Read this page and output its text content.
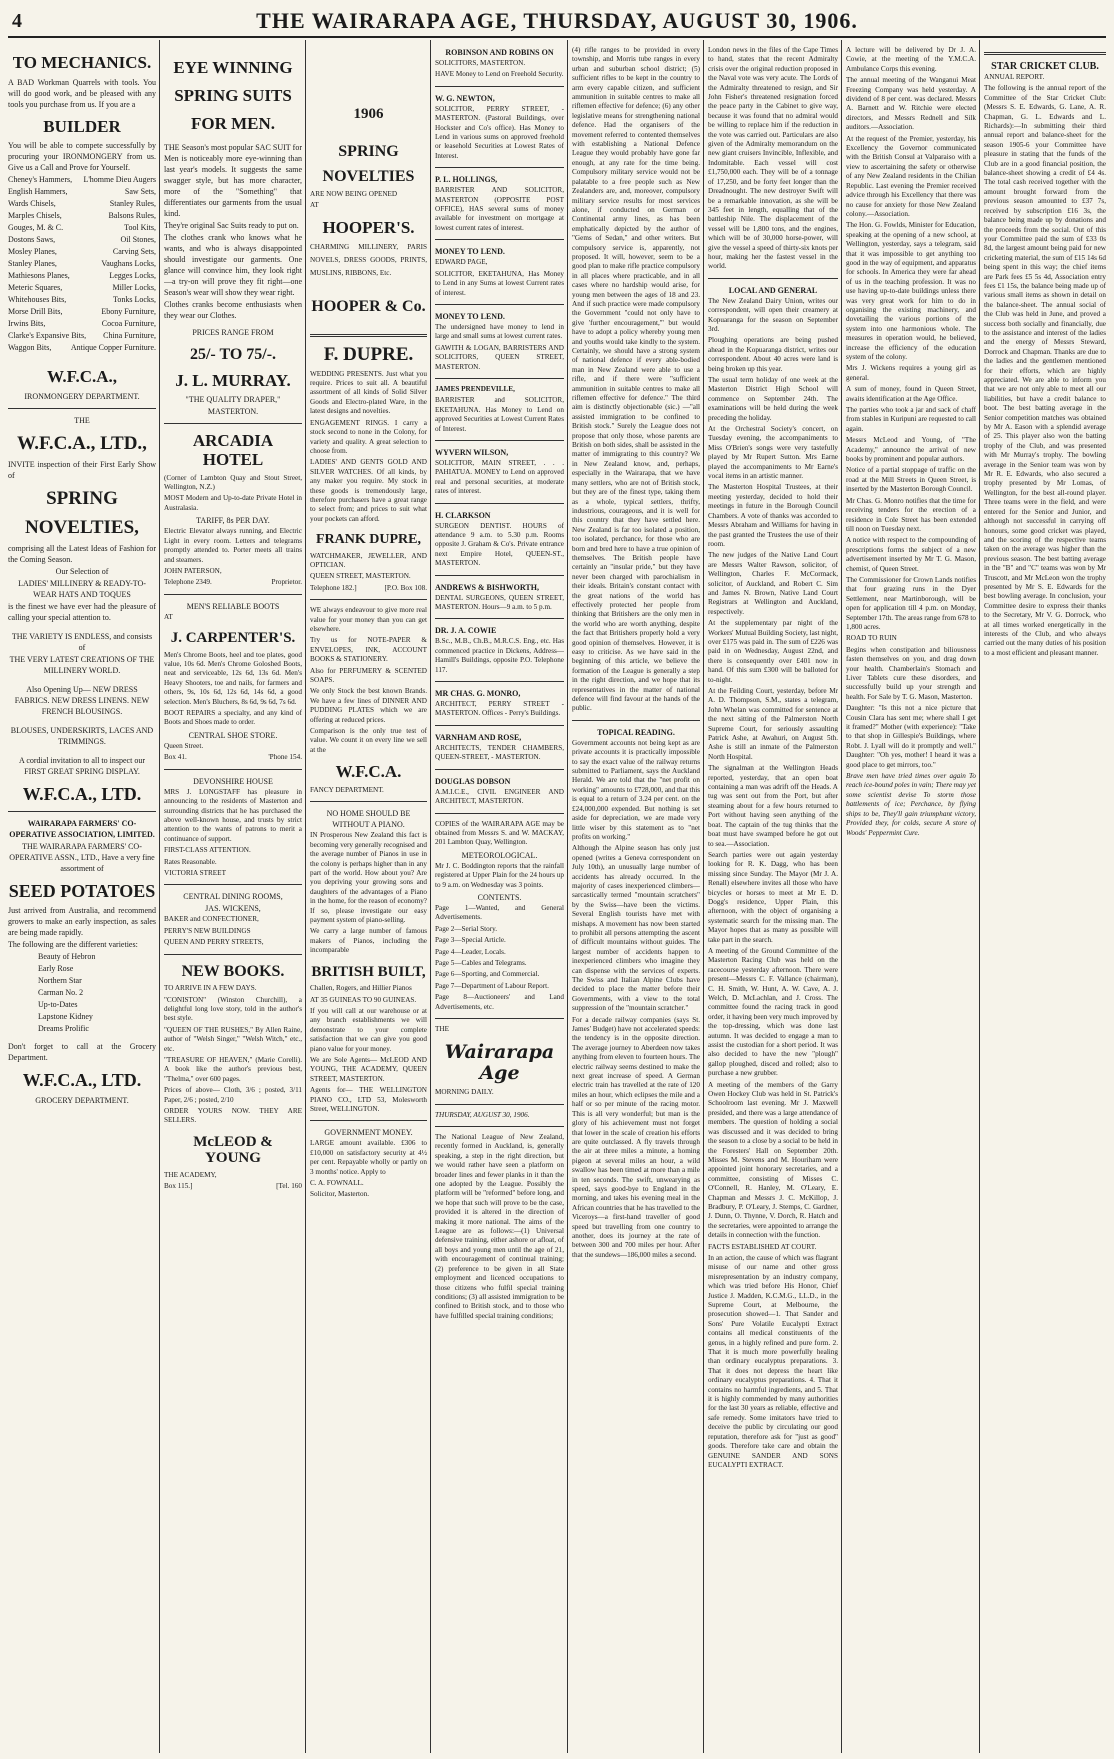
4	THE WAIRARAPA AGE, THURSDAY, AUGUST 30, 1906.
TO MECHANICS.
A BAD Workman Quarrels with tools. You will do good work, and be pleased with any tools you purchase from us. If you are a
BUILDER
You will be able to compete successfully by procuring your IRONMONGERY from us. Give us a Call and Prove for Yourself.
Cheney's Hammers, L'homme Dieu Augers
English Hammers,	Saw Sets,
Wards Chisels,	Stanley Rules,
Marples Chisels,	Balsons Rules,
Gouges, M. & C.	Tool Kits,
Dostons Saws,	Oil Stones,
Mosley Planes,	Carving Sets,
Stanley Planes,	Vaughans Locks,
Mathiesons Planes,	Legges Locks,
Meteric Squares,	Miller Locks,
Whitehouses Bits,	Tonks Locks,
Morse Drill Bits,	Ebony Furniture,
Irwins Bits,	Cocoa Furniture,
Clarke's Expansive Bits, China Furniture,
Waggon Bits, Antique Copper Furniture.
W.F.C.A.,
IRONMONGERY DEPARTMENT.
THE
W.F.C.A., LTD.,
INVITE inspection of their First Early Show of
SPRING
NOVELTIES,
comprising all the Latest Ideas of Fashion for the Coming Season.
Our Selection of
LADIES' MILLINERY & READY-TO-WEAR HATS AND TOQUES
is the finest we have ever had the pleasure of calling your special attention to.
THE VARIETY IS ENDLESS, and consists of
THE VERY LATEST CREATIONS OF THE MILLINERY WORLD.
Also Opening Up— NEW DRESS FABRICS. NEW DRESS LINENS. NEW FRENCH BLOUSINGS.
BLOUSES, UNDERSKIRTS, LACES AND TRIMMINGS.
A cordial invitation to all to inspect our FIRST GREAT SPRING DISPLAY.
W.F.C.A., LTD.
WAIRARAPA FARMERS' CO-OPERATIVE ASSOCIATION, LIMITED.
THE WAIRARAPA FARMERS' CO-OPERATIVE ASSN., LTD., Have a very fine assortment of
SEED POTATOES
Just arrived from Australia, and recommend growers to make an early inspection, as sales are being made rapidly.
The following are the different varieties:
Beauty of Hebron
Early Rose
Northern Star
Carman No. 2
Up-to-Dates
Lapstone Kidney
Dreams Prolific
Don't forget to call at the Grocery Department.
W.F.C.A., LTD.
GROCERY DEPARTMENT.
EYE WINNING SPRING SUITS FOR MEN.
THE Season's most popular SAC SUIT for Men is noticeably more eye-winning than last year's models. It suggests the same swagger style, but has more character, more of the "Something" that differentiates our garments from the usual kind.
They're original Sac Suits ready to put on.
The clothes crank who knows what he wants, and who is always disappointed should investigate our garments. One glance will convince him, they look right—a try-on will prove they fit right—one Season's wear will show they wear right.
Clothes cranks become enthusiasts when they wear our Clothes.
PRICES RANGE FROM
25/- TO 75/-.
J. L. MURRAY.
"THE QUALITY DRAPER,"
MASTERTON.
ARCADIA HOTEL
(Corner of Lambton Quay and Stout Street, Wellington, N.Z.)
MOST Modern and Up-to-date Private Hotel in Australasia.
TARIFF, 8s PER DAY.
Electric Elevator always running, and Electric Light in every room. Letters and telegrams promptly attended to. Porter meets all trains and steamers.
JOHN PATERSON,
Telephone 2349.	Proprietor.
MEN'S RELIABLE BOOTS
AT
J. CARPENTER'S.
Men's Chrome Boots, heel and toe plates, good value, 10s 6d. Men's Chrome Goloshed Boots, neat and serviceable, 12s 6d, 13s 6d. Men's Heavy Shooters, toe and nails, for farmers and others, 9s, 10s 6d, 12s 6d, 14s 6d, a good selection. Men's Bluchers, 8s 6d, 9s 6d, 7s 6d.
BOOT REPAIRS a specialty, and any kind of Boots and Shoes made to order.
CENTRAL SHOE STORE.
Queen Street.
Box 41.	'Phone 154.
DEVONSHIRE HOUSE
MRS J. LONGSTAFF has pleasure in announcing to the residents of Masterton and surrounding districts that he has purchased the above well-known house, and trusts by strict attention to the wants of patrons to merit a continuance of support.
FIRST-CLASS ATTENTION.
Rates Reasonable.
VICTORIA STREET
CENTRAL DINING ROOMS,
JAS. WICKENS,
BAKER and CONFECTIONER,
PERRY'S NEW BUILDINGS
QUEEN AND PERRY STREETS,
NEW BOOKS.
TO ARRIVE IN A FEW DAYS.
"CONISTON" (Winston Churchill), a delightful long love story, told in the author's best style.
"QUEEN OF THE RUSHES," By Allen Raine, author of "Welsh Singer," "Welsh Witch," etc., etc.
"TREASURE OF HEAVEN," (Marie Corelli). A book like the author's previous best, "Thelma," over 600 pages.
Prices of above— Cloth, 3/6 ; posted, 3/11 Paper, 2/6 ; posted, 2/10
ORDER YOURS NOW. THEY ARE SELLERS.
McLEOD & YOUNG
THE ACADEMY,
Box 115.]	[Tel. 160
1906
SPRING
NOVELTIES
ARE NOW BEING OPENED
AT
HOOPER'S.
CHARMING MILLINERY, PARIS NOVELS, DRESS GOODS, PRINTS, MUSLINS, RIBBONS, Etc.
HOOPER & Co.
F. DUPRE.
WEDDING PRESENTS. Just what you require. Prices to suit all. A beautiful assortment of all kinds of Solid Silver Goods and Electro-plated Ware, in the latest designs and novelties.
ENGAGEMENT RINGS. I carry a stock second to none in the Colony, for variety and quality. A great selection to choose from.
LADIES' AND GENTS GOLD AND SILVER WATCHES. Of all kinds, by any maker you require. My stock in these goods is tremendously large, therefore purchasers have a great range to select from; and prices to suit what your pockets can afford.
FRANK DUPRE,
WATCHMAKER, JEWELLER, AND OPTICIAN.
QUEEN STREET, MASTERTON.
Telephone 182.]	[P.O. Box 108.
WE always endeavour to give more real value for your money than you can get elsewhere.
Try us for NOTE-PAPER & ENVELOPES, INK, ACCOUNT BOOKS & STATIONERY.
Also for PERFUMERY & SCENTED SOAPS.
We only Stock the best known Brands. We have a few lines of DINNER AND PUDDING PLATES which we are offering at reduced prices.
Comparison is the only true test of value. We count it on every line we sell at the
W.F.C.A.
FANCY DEPARTMENT.
NO HOME SHOULD BE WITHOUT A PIANO.
IN Prosperous New Zealand this fact is becoming very generally recognised and the average number of Pianos in use in the colony is perhaps higher than in any part of the world. How about you? Are you depriving your growing sons and daughters of the advantages of a Piano in the home, for the reason of economy? If so, please investigate our easy payment system of piano-selling.
We carry a large number of famous makers of Pianos, including the incomparable
BRITISH BUILT,
Challen, Rogers, and Hillier Pianos
AT 35 GUINEAS TO 90 GUINEAS.
If you will call at our warehouse or at any branch establishments we will demonstrate to your complete satisfaction that we can give you good piano value for your money.
We are Sole Agents— McLEOD AND YOUNG, THE ACADEMY, QUEEN STREET, MASTERTON.
Agents for— THE WELLINGTON PIANO CO., LTD 53, Molesworth Street, WELLINGTON.
GOVERNMENT MONEY.
LARGE amount available. £306 to £10,000 on satisfactory security at 4½ per cent. Repayable wholly or partly on 3 months' notice. Apply to
C. A. FOWNALL.
Solicitor, Masterton.
ROBINSON AND ROBINS ON
SOLICITORS, MASTERTON.
HAVE Money to Lend on Freehold Security.
W. G. NEWTON,
SOLICITOR, PERRY STREET, - MASTERTON. (Pastoral Buildings, over Hockster and Co's office). Has Money to Lend in various sums on approved freehold or leasehold Securities at Lowest Rates of Interest.
P. L. HOLLINGS,
BARRISTER AND SOLICITOR, MASTERTON (OPPOSITE POST OFFICE), HAS several sums of money available for investment on mortgage at lowest current rates of interest.
MONEY TO LEND.
EDWARD PAGE,
SOLICITOR, EKETAHUNA, Has Money to Lend in any Sums at lowest Current rates of interest.
MONEY TO LEND.
The undersigned have money to lend in large and small sums at lowest current rates.
GAWITH & LOGAN, BARRISTERS AND SOLICITORS, QUEEN STREET, MASTERTON.
JAMES PRENDEVILLE,
BARRISTER and SOLICITOR, EKETAHUNA. Has Money to Lend on approved Securities at Lowest Current Rates of Interest.
WYVERN WILSON,
SOLICITOR, MAIN STREET, . . . PAHIATUA. MONEY to Lend on approved real and personal securities, at moderate rates of interest.
H. CLARKSON
SURGEON DENTIST. HOURS of attendance 9 a.m. to 5.30 p.m. Rooms opposite J. Graham & Co's. Private entrance next Empire Hotel, QUEEN-ST., MASTERTON.
ANDREWS & BISHWORTH,
DENTAL SURGEONS, QUEEN STREET, MASTERTON. Hours—9 a.m. to 5 p.m.
DR. J. A. COWIE
B.Sc., M.B., Ch.B., M.R.C.S. Eng., etc. Has commenced practice in Dickens, Address—Hamill's Buildings, opposite P.O. Telephone 117.
MR CHAS. G. MONRO,
ARCHITECT, PERRY STREET - MASTERTON. Offices - Perry's Buildings.
VARNHAM AND ROSE,
ARCHITECTS, TENDER CHAMBERS, QUEEN-STREET, - MASTERTON.
DOUGLAS DOBSON
A.M.I.C.E., CIVIL ENGINEER AND ARCHITECT, MASTERTON.
COPIES of the WAIRARAPA AGE may be obtained from Messrs S. and W. MACKAY, 201 Lambton Quay, Wellington.
METEOROLOGICAL.
Mr J. C. Boddington reports that the rainfall registered at Upper Plain for the 24 hours up to 9 a.m. on Wednesday was 3 points.
CONTENTS.
Page 1—Wanted, and General Advertisements.
Page 2—Serial Story.
Page 3—Special Article.
Page 4—Leader, Locals.
Page 5—Cables and Telegrams.
Page 6—Sporting, and Commercial.
Page 7—Department of Labour Report.
Page 8—Auctioneers' and Land Advertisements, etc.
THE
Wairarapa Age
MORNING DAILY.
THURSDAY, AUGUST 30, 1906.
The National League of New Zealand, recently formed in Auckland, is, generally speaking, a step in the right direction, but we would rather have seen a platform on broader lines and fewer planks in it than the one adopted by the League. Possibly the platform will be "reformed" before long, and we hope that such will prove to be the case, provided it is altered in the direction of making it more national. The aims of the League are as follows:—(1) Universal defensive training, either ashore or afloat, of all boys and young men until the age of 21, with encouragement of continual training; (2) preference to be given in all State employment and licenced occupations to those citizens who fulfil special training conditions; (3) all assisted immigration to be confined to British stock, and to those who have fulfilled special training conditions;
(4) rifle ranges to be provided in every township, and Morris tube ranges in every urban and suburban school district; (5) sufficient rifles to be kept in the country to arm every capable citizen, and sufficient ammunition in suitable centres to make all riflemen effective for defence; (6) any other legislative means for strengthening national defence. Had the organisers of the movement referred to contented themselves with establishing a National Defence League they would probably have gone far enough, at any rate for the time being. Compulsory military service would not be palatable to a free people such as New Zealanders are, and, moreover, compulsory military service results for most services alone, if conducted on German or Continental army lines, as has been emphatically depicted by the author of "Gems of Sedan," and other writers. But compulsory service is, apparently, not proposed. It will, however, seem to be a good plan to make rifle practice compulsory in all places where practicable, and in all cases where no hardship would arise, for young men between the ages of 18 and 23. And if such practice were made compulsory the Government "could not only have to give 'further encouragement,'" but would have to adopt a policy whereby young men and youths would take kindly to the system. Certainly, we should have a strong system of national defence if every able-bodied man in New Zealand were able to use a rifle, and if there were "sufficient ammunition in suitable centres to make all riflemen effective for defence." The third aim is distinctly objectionable (sic.) —"all assisted immigration to be confined to British stock." Surely the League does not propose that only those, whose parents are British on both sides, shall be assisted in the matter of immigrating to this country? We in New Zealand know, and, perhaps, especially in the Wairarapa, that we have many settlers, who are not of British stock, but they are of the finest type, taking them as a whole, typical settlers, thrifty, industrious, courageous, and it is well for this country that they have settled here. New Zealand is far too isolated a position, too isolated, perchance, for those who are born and bred here to have a true opinion of themselves. The British people have certainly an "insular pride," but they have never been charged with parochialism in their ideals. Britain's constant contact with the great nations of the world has effectively protected her people from thinking that Britishers are the only men in the world who are worth anything, despite the fact that Britishers properly hold a very good opinion of themselves. However, it is easy to criticise. As we have said in the beginning of this article, we believe the formation of the League is generally a step in the right direction, and we hope that its representatives in the matter of national defence will find favour at the hands of the public.
TOPICAL READING.
Government accounts not being kept as are private accounts it is practically impossible to say the exact value of the railway returns submitted to Parliament, says the Auckland Herald. We are told that the "net profit on working" amounts to £728,000, and that this is equal to a return of 3.24 per cent. on the £24,000,000 expended. But nothing is set aside for depreciation, we are made very little wiser by this statement as to "net profits on working."
Although the Alpine season has only just opened (writes a Geneva correspondent on July 10th), an unusually large number of accidents has already occurred. In the majority of cases inexperienced climbers—sarcastically termed "mountain scratchers" by the Swiss—have been the victims. Several English tourists have met with mishaps. A movement has now been started to prohibit all persons attempting the ascent of difficult mountains without guides. The largest number of accidents happen to inexperienced climbers who imagine they can dispense with the services of experts. The Swiss and Italian Alpine Clubs have decided to place the matter before their Governments, with a view to the total suppression of the "mountain scratcher."
For a decade railway companies (says St. James' Budget) have not accelerated speeds: the tendency is in the opposite direction. The average journey to Aberdeen now takes anything from eleven to fourteen hours. The electric railway seems destined to make the next great increase of speed. A German electric train has travelled at the rate of 120 miles an hour, which eclipses the mile and a half or so per minute of the racing motor. This is all very wonderful; but man is the glory of his achievement must not forget that lower in the scale of creation his efforts are quite outclassed. A fly travels through the air at three miles a minute, a homing pigeon at several miles an hour, a wild swallow has been timed at more than a mile in ten seconds. The swift, unwearying as speed, says good-bye to England in the morning, and takes his evening meal in the African countries that he has travelled to the Viceroys—a first-hand traveller of good speed but travelling from one country to another, does its journey at the rate of between 300 and 700 miles per hour. After that the sundews—186,000 miles a second.
London news in the files of the Cape Times to hand, states that the recent Admiralty crisis over the original reduction proposed in the Naval vote was very acute. The Lords of the Admiralty threatened to resign, and Sir John Fisher's threatened resignation forced the peace party in the Cabinet to give way, because it was found that no admiral would be willing to replace him if the reduction in the vote was carried out. Particulars are also given of the Admiralty memorandum on the new giant cruisers Invincible, Inflexible, and Indomitable. Each vessel will cost £1,750,000 each. They will be of a tonnage of 17,250, and be forty feet longer than the Dreadnought. The new destroyer Swift will be a remarkable innovation, as she will be 345 feet in length, equalling that of the battleship Nile. The displacement of the vessel will be 1,800 tons, and the engines, which will be of 30,000 horse-power, will give the vessel a speed of thirty-six knots per hour, making her the fastest vessel in the world.
LOCAL AND GENERAL
The New Zealand Dairy Union, writes our correspondent, will open their creamery at Kopuaranga for the season on September 3rd.
Ploughing operations are being pushed ahead in the Kopuaranga district, writes our correspondent. About 40 acres were land is being broken up this year.
The usual term holiday of one week at the Masterton District High School will commence on September 24th. The examinations will be held during the week preceding the holiday.
At the Orchestral Society's concert, on Tuesday evening, the accompaniments to Miss O'Brien's songs were very tastefully played by Mr Rupert Sutton. Mrs Earne played the accompaniments to Mr Earne's vocal items in an artistic manner.
The Masterton Hospital Trustees, at their meeting yesterday, decided to hold their meetings in future in the Borough Council Chambers. A vote of thanks was accorded to Messrs Abraham and Williams for having in the past granted the Trustees the use of their room.
The new judges of the Native Land Court are Messrs Walter Rawson, solicitor, of Wellington, Charles F. McCormack, solicitor, of Auckland, and Robert C. Sim and James N. Brown, Native Land Court Registrars at Wellington and Auckland, respectively.
At the supplementary par night of the Workers' Mutual Building Society, last night, over £175 was paid in. The sum of £226 was paid in on Wednesday, August 22nd, and there is consequently over £401 now in hand. Of this sum £300 will be balloted for to-night.
At the Feilding Court, yesterday, before Mr A. D. Thompson, S.M., states a telegram, John Whelan was committed for sentence at the next sitting of the Palmerston North Supreme Court, for seriously assaulting Patrick Ashe, at Awahuri, on August 5th. Ashe is still an inmate of the Palmerston North Hospital.
The signalman at the Wellington Heads reported, yesterday, that an open boat containing a man was adrift off the Heads. A tug was sent out from the Port, but after steaming about for a few hours returned to Port without having seen anything of the boat. The captain of the tug thinks that the boat must have swamped before he got out to sea.—Association.
Search parties were out again yesterday looking for R. K. Dagg, who has been missing since Sunday. The Mayor (Mr J. A. Renall) elsewhere invites all those who have bicycles or horses to meet at Mr E. D. Dogg's residence, Upper Plain, this afternoon, with the object of organising a systematic search for the missing man. The Mayor hopes that as many as possible will take part in the search.
A meeting of the Ground Committee of the Masterton Racing Club was held on the racecourse yesterday afternoon. There were present—Messrs C. F. Vallance (chairman), C. H. Smith, W. Hunt, A. W. Cave, A. J. Welch, D. McLachlan, and J. Cross. The committee found the racing track in good order, it having been very much improved by the top-dressing, which was done last autumn. It was decided to engage a man to assist the custodian for a short period. It was also decided to have the new "plough" gallop ploughed, disced and rolled; also to purchase a new grubber.
A meeting of the members of the Garry Owen Hockey Club was held in St. Patrick's Schoolroom last evening. Mr J. Maxwell presided, and there was a large attendance of members. The question of holding a social was discussed and it was decided to bring the season to a close by a social to be held in the Foresters' Hall on September 20th. Misses M. Stevens and M. Houriham were appointed joint honorary secretaries, and a committee, consisting of Misses C. O'Connell, R. Hanley, M. O'Leary, E. Chapman and Messrs J. C. McKillop, J. Bradbury, P. O'Leary, J. Stemps, C. Gardner, J. Dunn, O. Thynne, V. Dorch, R. Hatch and the secretaries, were appointed to arrange the details in connection with the function.
FACTS ESTABLISHED AT COURT.
In an action, the cause of which was flagrant misuse of our name and other gross misrepresentation by an industry company, which was tried before His Honor, Chief Justice J. Madden, K.C.M.G., LL.D., in the Supreme Court, at Melbourne, the prosecution showed—1. That Sander and Sons' Pure Volatile Eucalypti Extract contains all medical constituents of the genus, in a highly refined and pure form. 2. That it is much more powerfully healing than ordinary eucalyptus preparations. 3. That it does not depress the heart like ordinary eucalyptus preparations. 4. That it contains no harmful ingredients, and 5. That it is highly commended by many authorities for the last 30 years as reliable, effective and safe remedy. Some imitators have tried to deceive the public by circulating our good reputation, therefore ask for "just as good" goods. Therefore take care and obtain the GENUINE SANDER AND SONS EUCALYPTI EXTRACT.
A lecture will be delivered by Dr J. A. Cowie, at the meeting of the Y.M.C.A. Ambulance Corps this evening.
The annual meeting of the Wanganui Meat Freezing Company was held yesterday. A dividend of 8 per cent. was declared. Messrs A. Barnett and W. Ritchie were elected directors, and Messrs Rednell and Silk auditors.—Association.
At the request of the Premier, yesterday, his Excellency the Governor communicated with the British Consul at Valparaiso with a view to ascertaining the safety or otherwise of any New Zealand residents in the Chilian Republic. Last evening the Premier received advice through his Excellency that there was no cause for anxiety for those New Zealand colony.—Association.
The Hon. G. Fowlds, Minister for Education, speaking at the opening of a new school, at Wellington, yesterday, says a telegram, said that it was impossible to get anything too good in the way of equipment, and apparatus for schools. In America they were far ahead of us in the teaching profession. It was no use having up-to-date buildings unless there was very great work for him to do in organising the existing machinery, and dovetailing the various portions of the system into one harmonious whole. The measures in operation would, he believed, increase the efficiency of the education system of the colony.
Mrs J. Wickens requires a young girl as general.
A sum of money, found in Queen Street, awaits identification at the Age Office.
The parties who took a jar and sack of chaff from stables in Kuripuni are requested to call again.
Messrs McLeod and Young, of "The Academy," announce the arrival of new books by prominent and popular authors.
Notice of a partial stoppage of traffic on the road at the Mill Streets in Queen Street, is inserted by the Masterton Borough Council.
Mr Chas. G. Monro notifies that the time for receiving tenders for the erection of a residence in Cole Street has been extended till noon on Tuesday next.
A notice with respect to the compounding of prescriptions forms the subject of a new advertisement inserted by Mr T. G. Mason, chemist, of Queen Street.
The Commissioner for Crown Lands notifies that four grazing runs in the Dyer Settlement, near Martinborough, will be open for application till 4 p.m. on Monday, September 17th. The areas range from 678 to 1,800 acres.
ROAD TO RUIN
Begins when constipation and biliousness fasten themselves on you, and drag down your health. Chamberlain's Stomach and Liver Tablets cure these disorders, and successfully build up your strength and health. For Sale by T. G. Mason, Masterton.
Daughter: "Is this not a nice picture that Cousin Clara has sent me; where shall I get it framed?" Mother (with experience): "Take to that shop in Gillespie's Buildings, where Robt. J. Lyall will do it promptly and well." Daughter: "Oh yes, mother! I heard it was a good place to get mirrors, too."
Brave men have tried times over again To reach ice-bound poles in vain; There may yet some scientist devise To storm those battlements of ice; Perchance, by flying ships to be, They'll gain triumphant victory, Provided they, for colds, secure A store of Woods' Peppermint Cure.
STAR CRICKET CLUB.
ANNUAL REPORT.
The following is the annual report of the Committee of the Star Cricket Club: (Messrs S. E. Edwards, G. Lane, A. R. Chapman, G. L. Edwards and L. Richards):—In submitting their third annual report and balance-sheet for the season 1905-6 your Committee have pleasure in stating that the funds of the Club are in a good financial position, the balance-sheet showing a credit of £4 4s. The total cash received together with the amount brought forward from the previous season amounted to £37 7s, received by subscription £16 3s, the balance being made up by donations and the proceeds from the social. Out of this your Committee paid the sum of £33 0s 8d, the largest amount being paid for new cricketing material, the sum of £15 14s 6d being spent in this way; the chief items are Park fees £5 5s 4d, Association entry fees £1 15s, the balance being made up of various small items as shown in detail on the balance-sheet. The annual social of the Club was held in June, and proved a success both socially and financially, due to the assistance and interest of the ladies and the energy of Messrs Steward, Dorrock and Chapman. Thanks are due to the ladies and the gentlemen mentioned for their efforts, which are highly appreciated. We are able to inform you that we are not only able to meet all our liabilities, but have a credit balance to boot. The best batting average in the Senior competition matches was obtained by Mr A. Eason with a splendid average of 25. This player also won the batting trophy of the Club, and was presented with Mr Murray's trophy. The bowling average in the Senior team was won by Mr R. E. Edwards, who also secured a trophy presented by Mr Lomas, of Wellington, for the best all-round player. Three teams were in the field, and were entered for the Senior and Junior, and although not successful in carrying off honours, some good cricket was played, and the scoring of the respective teams taken on the average was higher than the previous season. The best batting average in the "B" and "C" teams was won by Mr Truscott, and Mr McLeon won the trophy presented by Mr S. E. Edwards for the best bowling average. In conclusion, your Committee desire to express their thanks to the Secretary, Mr V. G. Dorrock, who at all times worked energetically in the interests of the Club, and who always carried out the many duties of his position to a most efficient and pleasant manner.
